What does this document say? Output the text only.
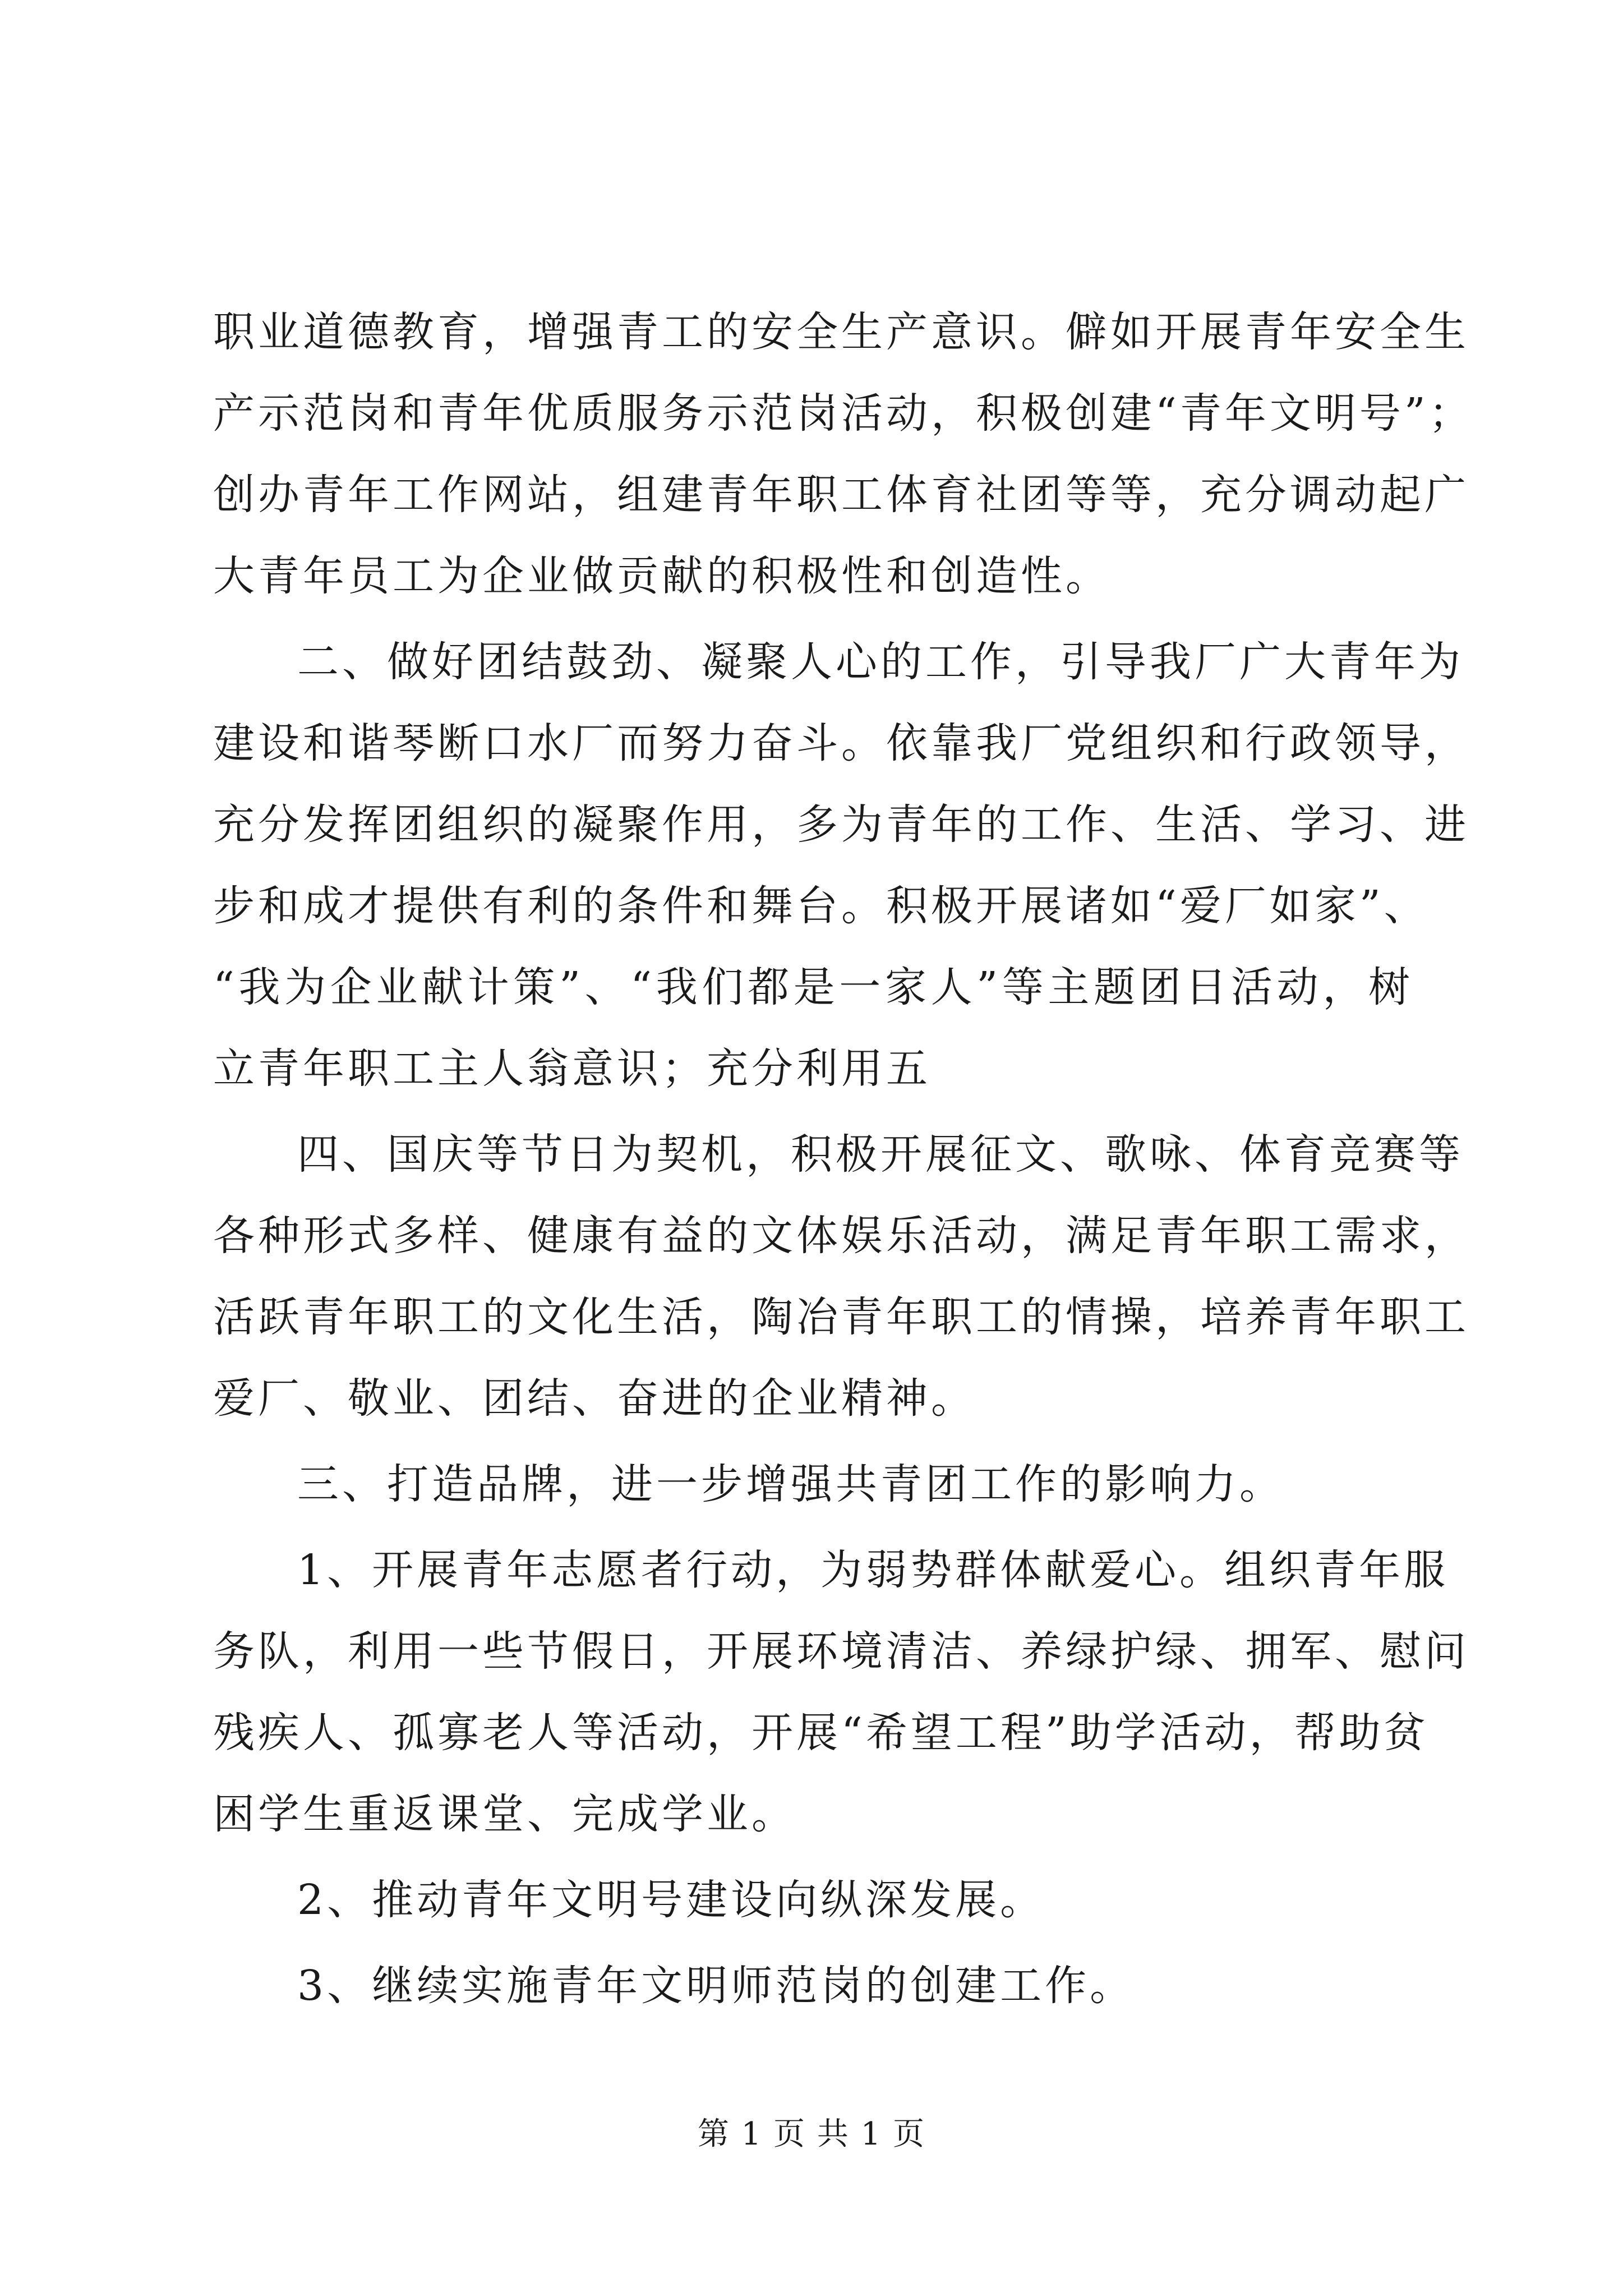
职业道德教育，增强青工的安全生产意识。僻如开展青年安全生
产示范岗和青年优质服务示范岗活动，积极创建“青年文明号”；
创办青年工作网站，组建青年职工体育社团等等，充分调动起广
大青年员工为企业做贡献的积极性和创造性。
二、做好团结鼓劲、凝聚人心的工作，引导我厂广大青年为
建设和谐琴断口水厂而努力奋斗。依靠我厂党组织和行政领导，
充分发挥团组织的凝聚作用，多为青年的工作、生活、学习、进
步和成才提供有利的条件和舞台。积极开展诸如“爱厂如家”、
“我为企业献计策”、“我们都是一家人”等主题团日活动，树
立青年职工主人翁意识；充分利用五
四、国庆等节日为契机，积极开展征文、歌咏、体育竞赛等
各种形式多样、健康有益的文体娱乐活动，满足青年职工需求，
活跃青年职工的文化生活，陶冶青年职工的情操，培养青年职工
爱厂、敬业、团结、奋进的企业精神。
三、打造品牌，进一步增强共青团工作的影响力。
1、开展青年志愿者行动，为弱势群体献爱心。组织青年服
务队，利用一些节假日，开展环境清洁、养绿护绿、拥军、慰问
残疾人、孤寡老人等活动，开展“希望工程”助学活动，帮助贫
困学生重返课堂、完成学业。
2、推动青年文明号建设向纵深发展。
3、继续实施青年文明师范岗的创建工作。
第 1 页 共 1 页
